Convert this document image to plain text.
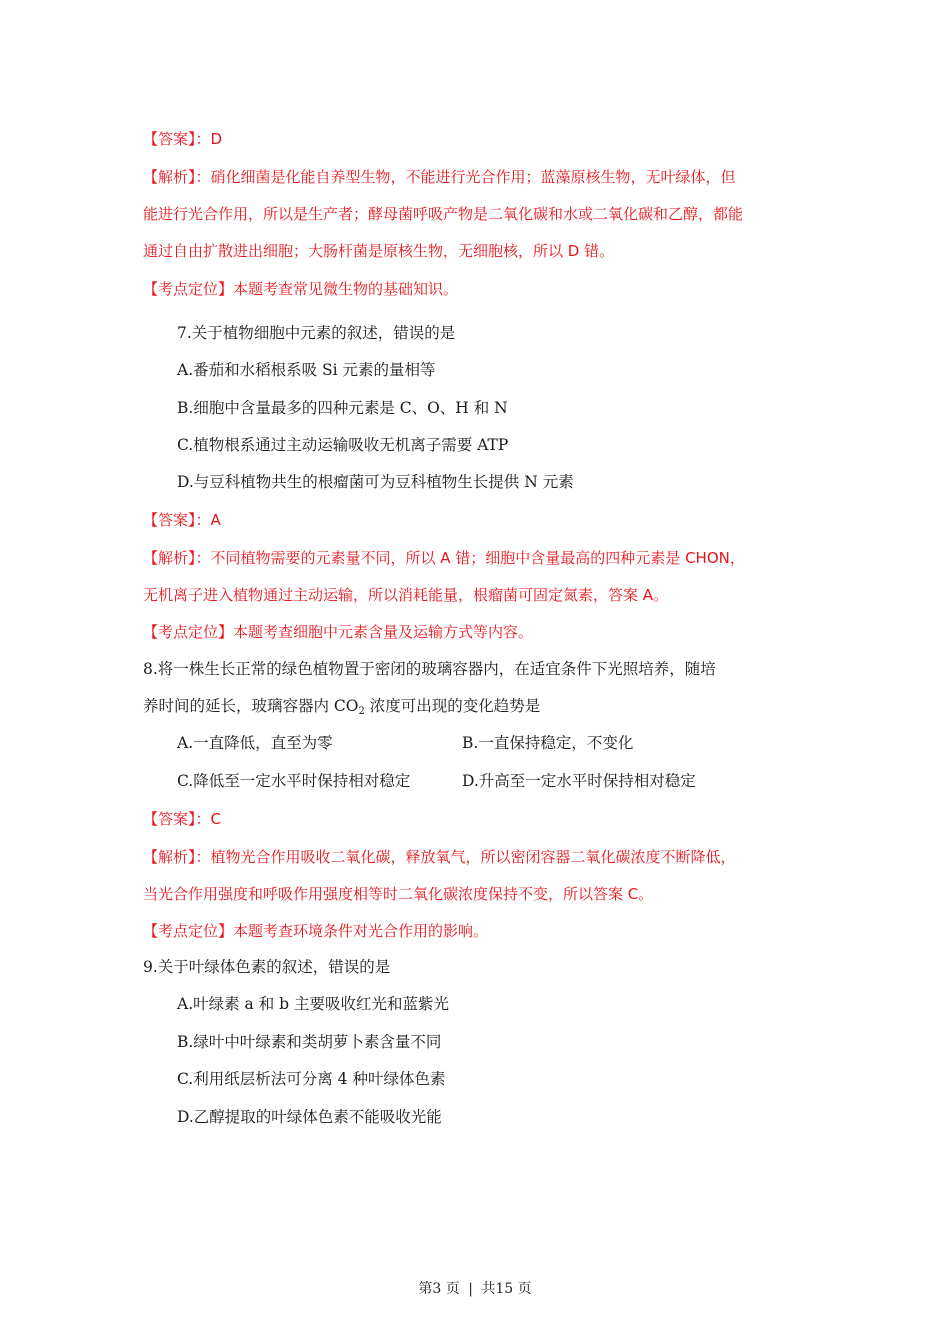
【答案】：D
【解析】：硝化细菌是化能自养型生物，不能进行光合作用；蓝藻原核生物，无叶绿体，但
能进行光合作用，所以是生产者；酵母菌呼吸产物是二氧化碳和水或二氧化碳和乙醇，都能
通过自由扩散进出细胞；大肠杆菌是原核生物，无细胞核，所以 D 错。
【考点定位】本题考查常见微生物的基础知识。
7.关于植物细胞中元素的叙述，错误的是
A.番茄和水稻根系吸 Si 元素的量相等
B.细胞中含量最多的四种元素是 C、O、H 和 N
C.植物根系通过主动运输吸收无机离子需要 ATP
D.与豆科植物共生的根瘤菌可为豆科植物生长提供 N 元素
【答案】：A
【解析】：不同植物需要的元素量不同，所以 A 错；细胞中含量最高的四种元素是 CHON，
无机离子进入植物通过主动运输，所以消耗能量，根瘤菌可固定氮素，答案 A。
【考点定位】本题考查细胞中元素含量及运输方式等内容。
8.将一株生长正常的绿色植物置于密闭的玻璃容器内，在适宜条件下光照培养，随培
养时间的延长，玻璃容器内 $CO_2$ 浓度可出现的变化趋势是
A.一直降低，直至为零	B.一直保持稳定，不变化
C.降低至一定水平时保持相对稳定	D.升高至一定水平时保持相对稳定
【答案】：C
【解析】：植物光合作用吸收二氧化碳，释放氧气，所以密闭容器二氧化碳浓度不断降低，
当光合作用强度和呼吸作用强度相等时二氧化碳浓度保持不变，所以答案 C。
【考点定位】本题考查环境条件对光合作用的影响。
9.关于叶绿体色素的叙述，错误的是
A.叶绿素 a 和 b 主要吸收红光和蓝紫光
B.绿叶中叶绿素和类胡萝卜素含量不同
C.利用纸层析法可分离 4 种叶绿体色素
D.乙醇提取的叶绿体色素不能吸收光能
第3 页 | 共15 页
